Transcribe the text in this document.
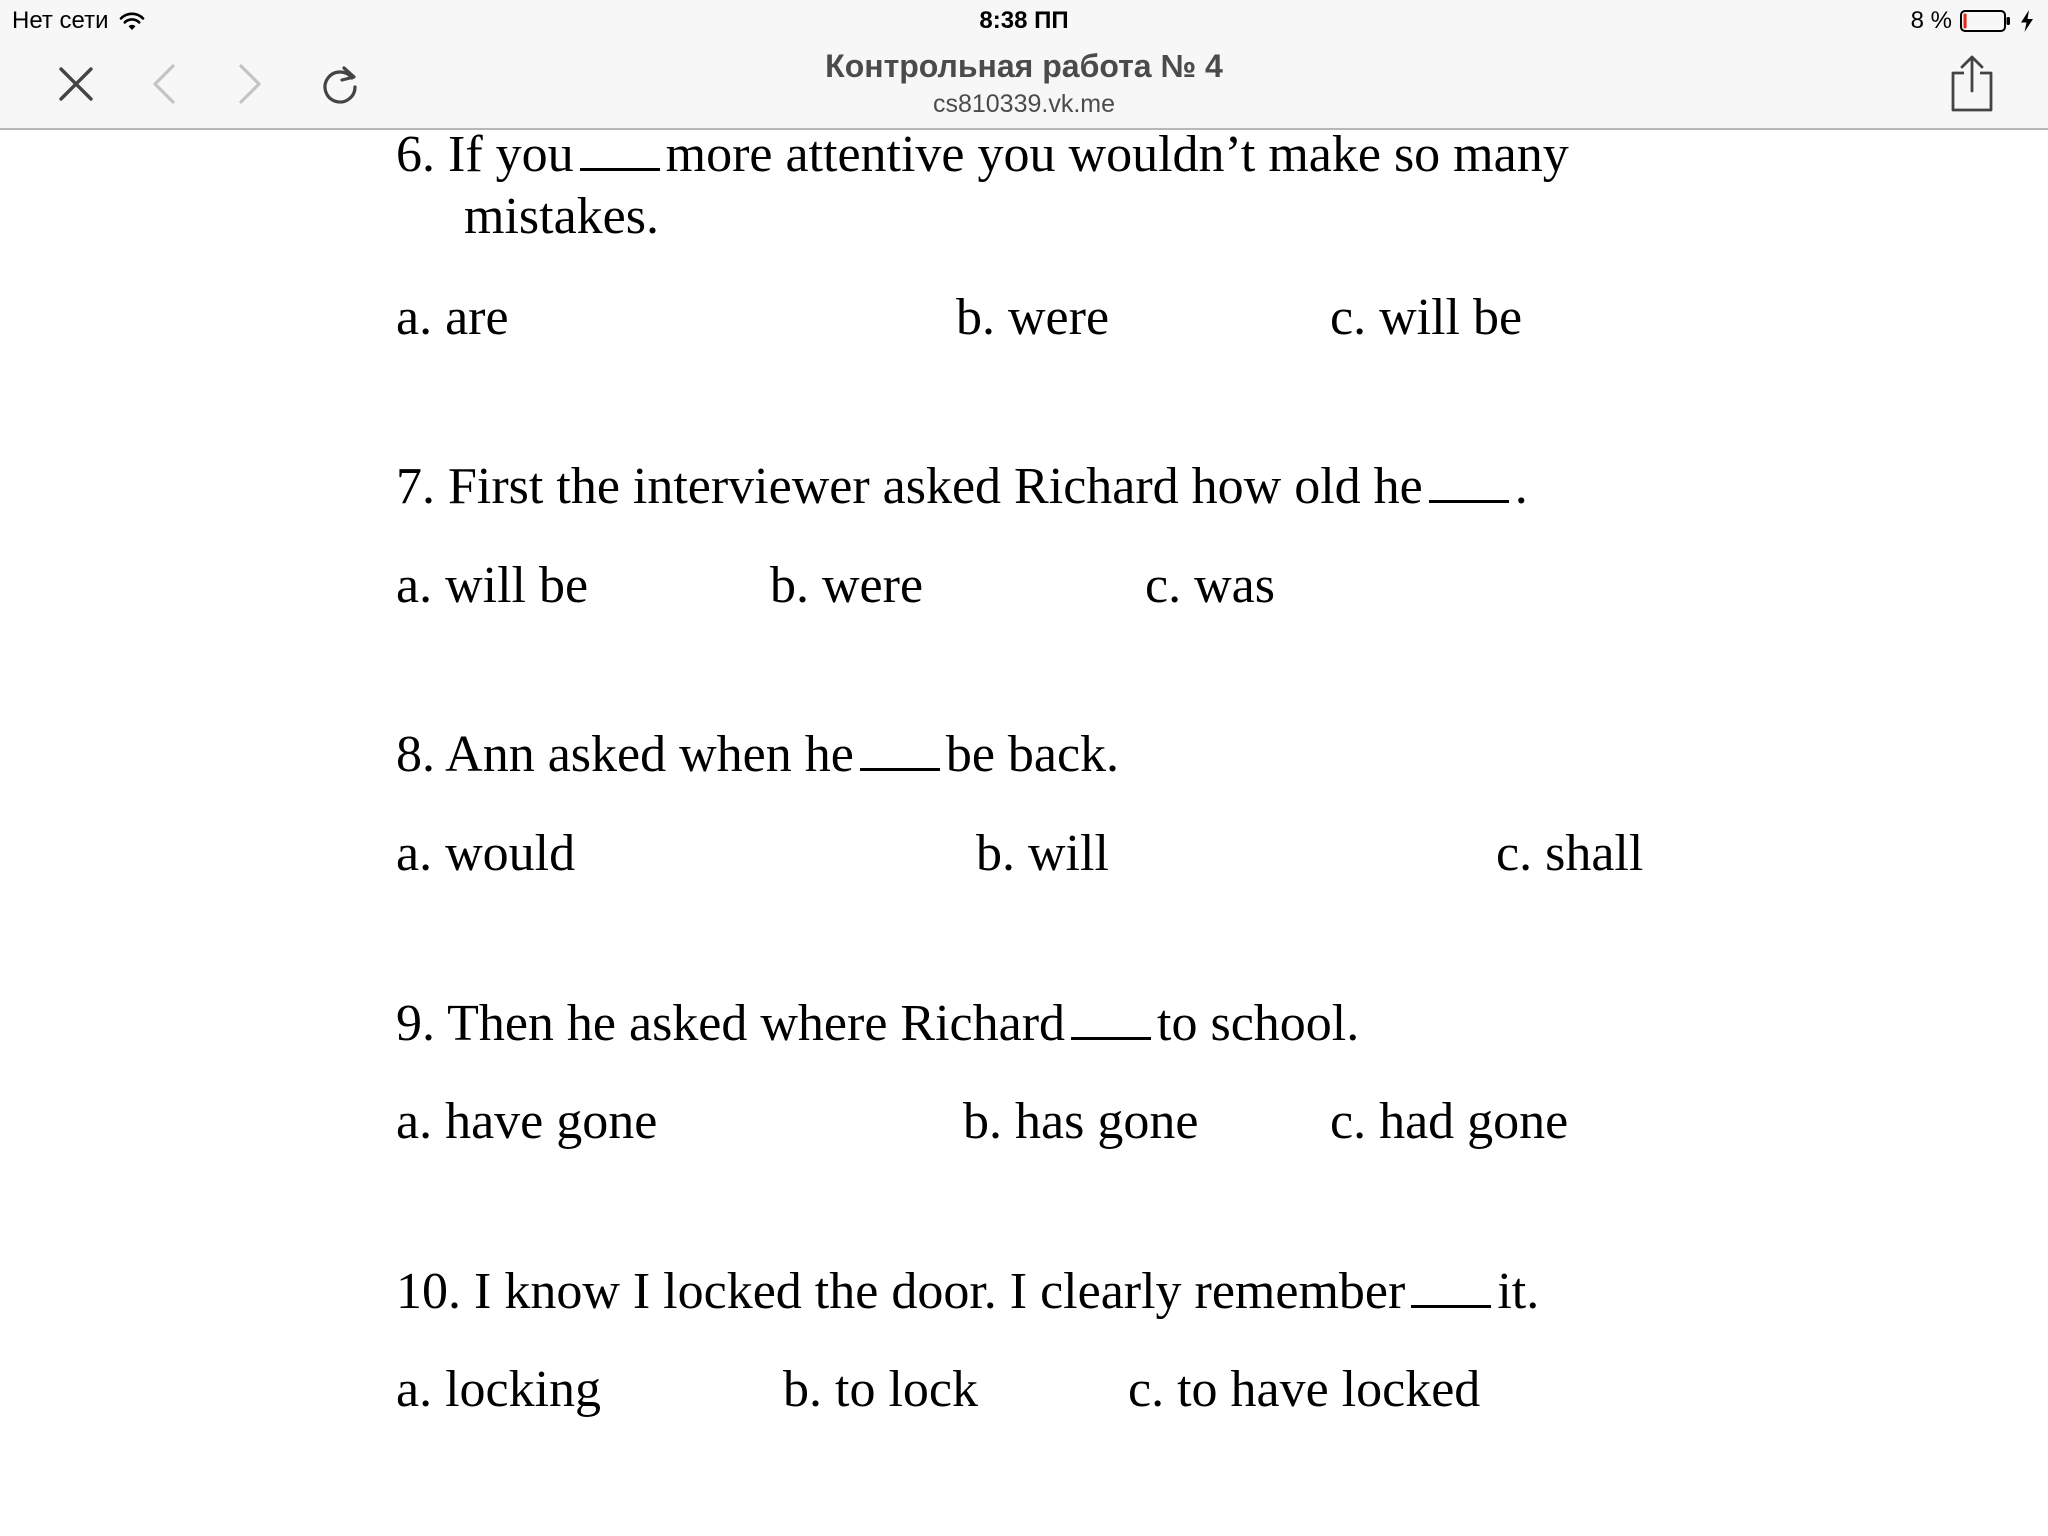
Нет сети	8:38 ПП	8 %
Контрольная работа № 4
cs810339.vk.me
6. If you more attentive you wouldn’t make so many
mistakes.
a. are	b. were	c. will be
7. First the interviewer asked Richard how old he .
a. will be	b. were	c. was
8. Ann asked when he be back.
a. would	b. will	c. shall
9. Then he asked where Richard to school.
a. have gone	b. has gone	c. had gone
10. I know I locked the door. I clearly remember it.
a. locking	b. to lock	c. to have locked
